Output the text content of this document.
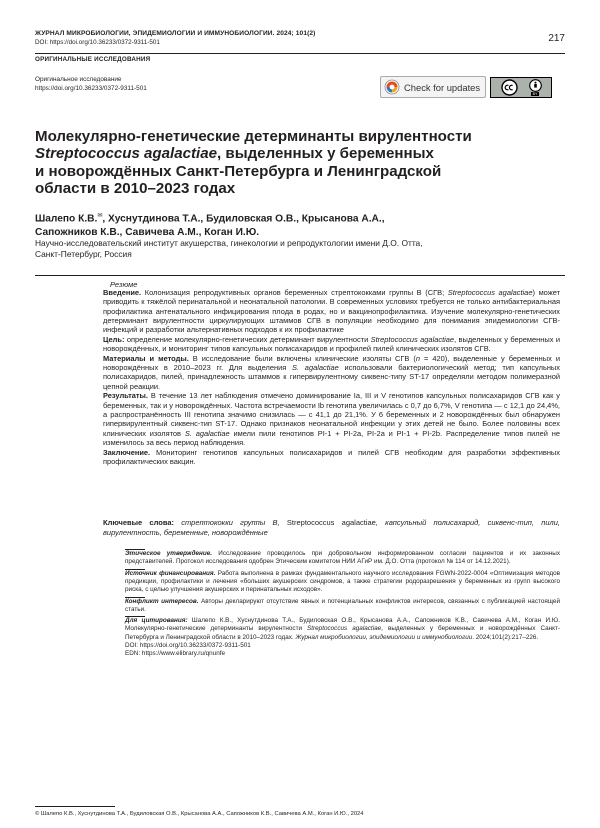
ЖУРНАЛ МИКРОБИОЛОГИИ, ЭПИДЕМИОЛОГИИ И ИММУНОБИОЛОГИИ. 2024; 101(2)
DOI: https://doi.org/10.36233/0372-9311-501	217
ОРИГИНАЛЬНЫЕ ИССЛЕДОВАНИЯ
Оригинальное исследование
https://doi.org/10.36233/0372-9311-501	Check for updates
BY
Молекулярно-генетические детерминанты вирулентности
Streptococcus agalactiae, выделенных у беременных
и новорождённых Санкт-Петербурга и Ленинградской
области в 2010–2023 годах
Шалепо К.В.✉, Хуснутдинова Т.А., Будиловская О.В., Крысанова А.А.,
Сапожников К.В., Савичева А.М., Коган И.Ю.
Научно-исследовательский институт акушерства, гинекологии и репродуктологии имени Д.О. Отта,
Санкт-Петербург, Россия
Резюме

Введение. Колонизация репродуктивных органов беременных стрептококками группы В (СГВ; Streptococcus agalactiae) может приводить к тяжёлой перинатальной и неонатальной патологии. В современных условиях требуется не только антибактериальная профилактика антенатального инфицирования плода в родах, но и вакцинопрофилактика. Изучение молекулярно-генетических детерминант вирулентности циркулирующих штаммов СГВ в популяции необходимо для понимания эпидемиологии СГВ-инфекций и разработки альтернативных подходов к их профилактике

Цель: определение молекулярно-генетических детерминант вирулентности Streptococcus agalactiae, выделенных у беременных и новорождённых, и мониторинг типов капсульных полисахаридов и профилей пилей клинических изолятов СГВ.

Материалы и методы. В исследование были включены клинические изоляты СГВ (n = 420), выделенные у беременных и новорождённых в 2010–2023 гг. Для выделения S. agalactiae использовали бактериологический метод; тип капсульных полисахаридов, пилей, принадлежность штаммов к гипервирулентному сиквенс-типу ST-17 определяли методом полимеразной цепной реакции.

Результаты. В течение 13 лет наблюдения отмечено доминирование Ia, III и V генотипов капсульных полисахаридов СГВ как у беременных, так и у новорождённых. Частота встречаемости Ib генотипа увеличилась с 0,7 до 6,7%, V генотипа — с 12,1 до 24,4%, а распространённость III генотипа значимо снизилась — с 41,1 до 21,1%. У 6 беременных и 2 новорождённых был обнаружен гипервирулентный сиквенс-тип ST-17. Однако признаков неонатальной инфекции у этих детей не было. Более половины всех клинических изолятов S. agalactiae имели пили генотипов PI-1 + PI-2a, PI-2a и PI-1 + PI-2b. Распределение типов пилей не изменилось за весь период наблюдения.

Заключение. Мониторинг генотипов капсульных полисахаридов и пилей СГВ необходим для разработки эффективных профилактических вакцин.

Ключевые слова: стрептококки группы В, Streptococcus agalactiae, капсульный полисахарид, сиквенс-тип, пили, вирулентность, беременные, новорождённые
Этическое утверждение. Исследование проводилось при добровольном информированном согласии пациентов и их законных представителей. Протокол исследования одобрен Этическим комитетом НИИ АГиР им. Д.О. Отта (протокол № 114 от 14.12.2021).
Источник финансирования. Работа выполнена в рамках фундаментального научного исследования FGWN-2022-0004 «Оптимизация методов предикции, профилактики и лечения «больших акушерских синдромов, а также стратегии родоразрешения у беременных из групп высокого риска, с целью улучшения акушерских и перинатальных исходов».
Конфликт интересов. Авторы декларируют отсутствие явных и потенциальных конфликтов интересов, связанных с публикацией настоящей статьи.
Для цитирования: Шалепо К.В., Хуснутдинова Т.А., Будиловская О.В., Крысанова А.А., Сапожников К.В., Савичева А.М., Коган И.Ю. Молекулярно-генетические детерминанты вирулентности Streptococcus agalactiae, выделенных у беременных и новорождённых Санкт-Петербурга и Ленинградской области в 2010–2023 годах. Журнал микробиологии, эпидемиологии и иммунобиологии. 2024;101(2):217–226.
DOI: https://doi.org/10.36233/0372-9311-501
EDN: https://www.elibrary.ru/qnunfe
© Шалепо К.В., Хуснутдинова Т.А., Будиловская О.В., Крысанова А.А., Сапожников К.В., Савичева А.М., Коган И.Ю., 2024
